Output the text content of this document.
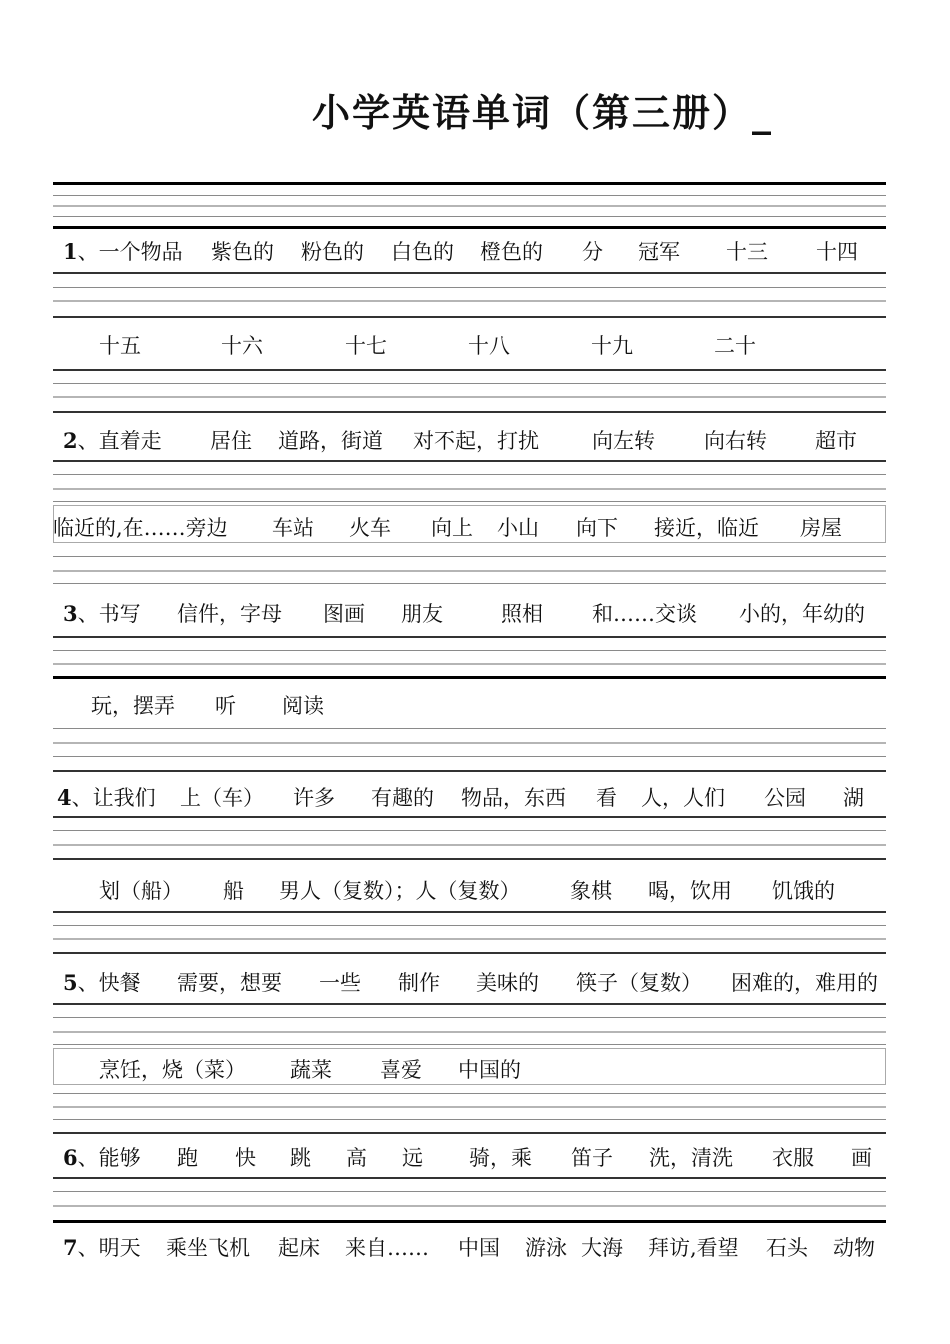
小学英语单词（第三册）_
1、一个物品 紫色的 粉色的 白色的 橙色的 分 冠军 十三 十四
十五	十六	十七	十八	十九	二十
2、直着走 居住 道路，街道 对不起，打扰	向左转 向右转 超市
临近的,在……旁边 车站 火车 向上 小山 向下 接近，临近 房屋
3、书写 信件，字母 图画 朋友	照相 和……交谈 小的，年幼的
玩，摆弄 听 阅读
4、让我们 上（车） 许多 有趣的 物品，东西 看 人，人们 公园 湖
划（船） 船 男人（复数）；人（复数） 象棋 喝，饮用 饥饿的
5、快餐 需要，想要 一些 制作 美味的 筷子（复数） 困难的，难用的
烹饪，烧（菜） 蔬菜 喜爱 中国的
6、能够 跑 快 跳 高 远 骑，乘 笛子 洗，清洗 衣服 画
7、明天 乘坐飞机 起床 来自…… 中国 游泳 大海 拜访,看望 石头 动物
